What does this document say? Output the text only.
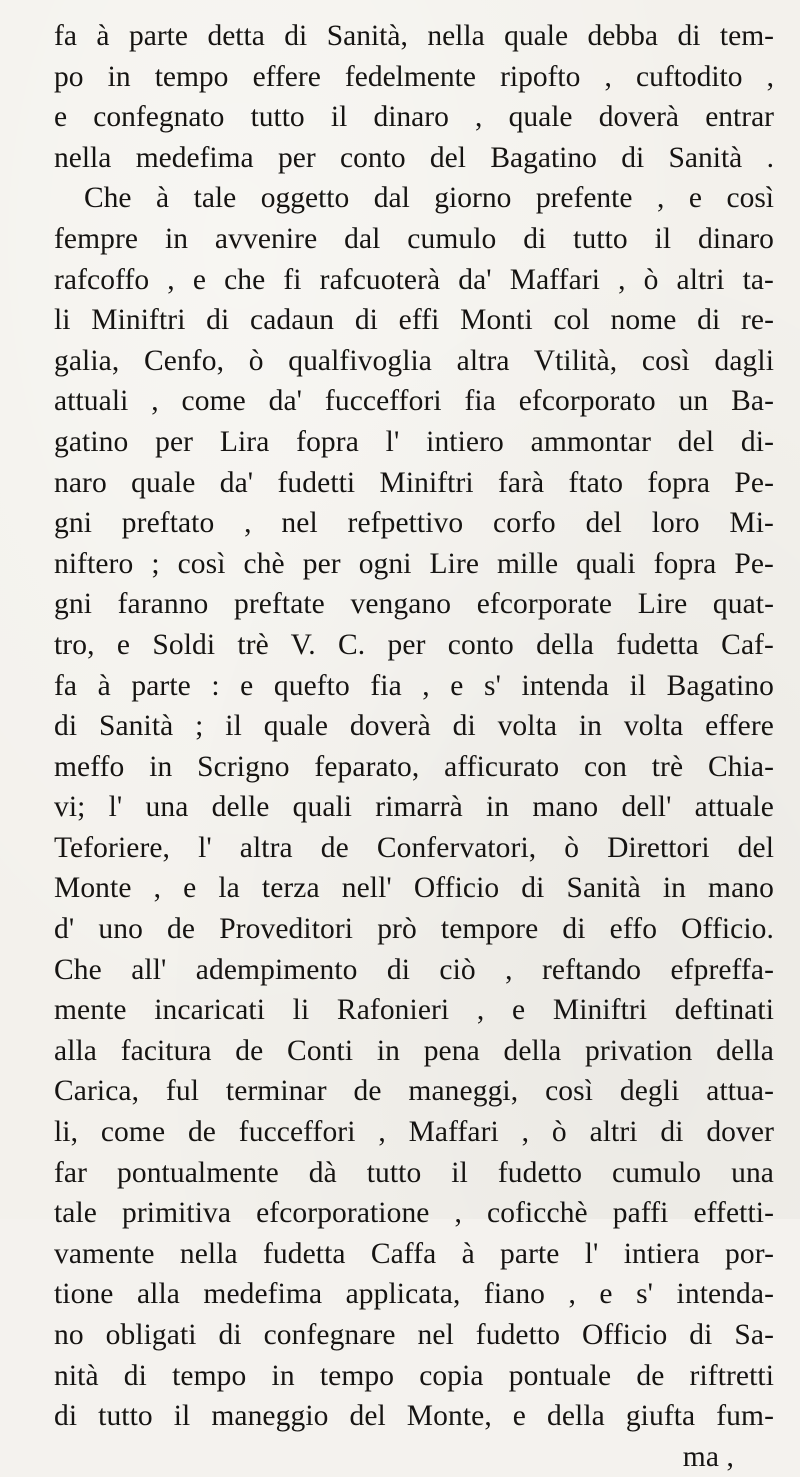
fa à parte detta di Sanità, nella quale debba di tem-
po in tempo effere fedelmente ripofto , cuftodito ,
e confegnato tutto il dinaro , quale doverà entrar
nella medefima per conto del Bagatino di Sanità .
Che à tale oggetto dal giorno prefente , e così
fempre in avvenire dal cumulo di tutto il dinaro
rafcoffo , e che fi rafcuoterà da' Maffari , ò altri ta-
li Miniftri di cadaun di effi Monti col nome di re-
galia, Cenfo, ò qualfivoglia altra Vtilità, così dagli
attuali , come da' fucceffori fia efcorporato un Ba-
gatino per Lira fopra l' intiero ammontar del di-
naro quale da' fudetti Miniftri farà ftato fopra Pe-
gni preftato , nel refpettivo corfo del loro Mi-
niftero ; così chè per ogni Lire mille quali fopra Pe-
gni faranno preftate vengano efcorporate Lire quat-
tro, e Soldi trè V. C. per conto della fudetta Caf-
fa à parte : e quefto fia , e s' intenda il Bagatino
di Sanità ; il quale doverà di volta in volta effere
meffo in Scrigno feparato, afficurato con trè Chia-
vi; l' una delle quali rimarrà in mano dell' attuale
Teforiere, l' altra de Confervatori, ò Direttori del
Monte , e la terza nell' Officio di Sanità in mano
d' uno de Proveditori prò tempore di effo Officio.
Che all' adempimento di ciò , reftando efpreffa-
mente incaricati li Rafonieri , e Miniftri deftinati
alla facitura de Conti in pena della privation della
Carica, ful terminar de maneggi, così degli attua-
li, come de fucceffori , Maffari , ò altri di dover
far pontualmente dà tutto il fudetto cumulo una
tale primitiva efcorporatione , coficchè paffi effetti-
vamente nella fudetta Caffa à parte l' intiera por-
tione alla medefima applicata, fiano , e s' intenda-
no obligati di confegnare nel fudetto Officio di Sa-
nità di tempo in tempo copia pontuale de riftretti
di tutto il maneggio del Monte, e della giufta fum-
ma ,
